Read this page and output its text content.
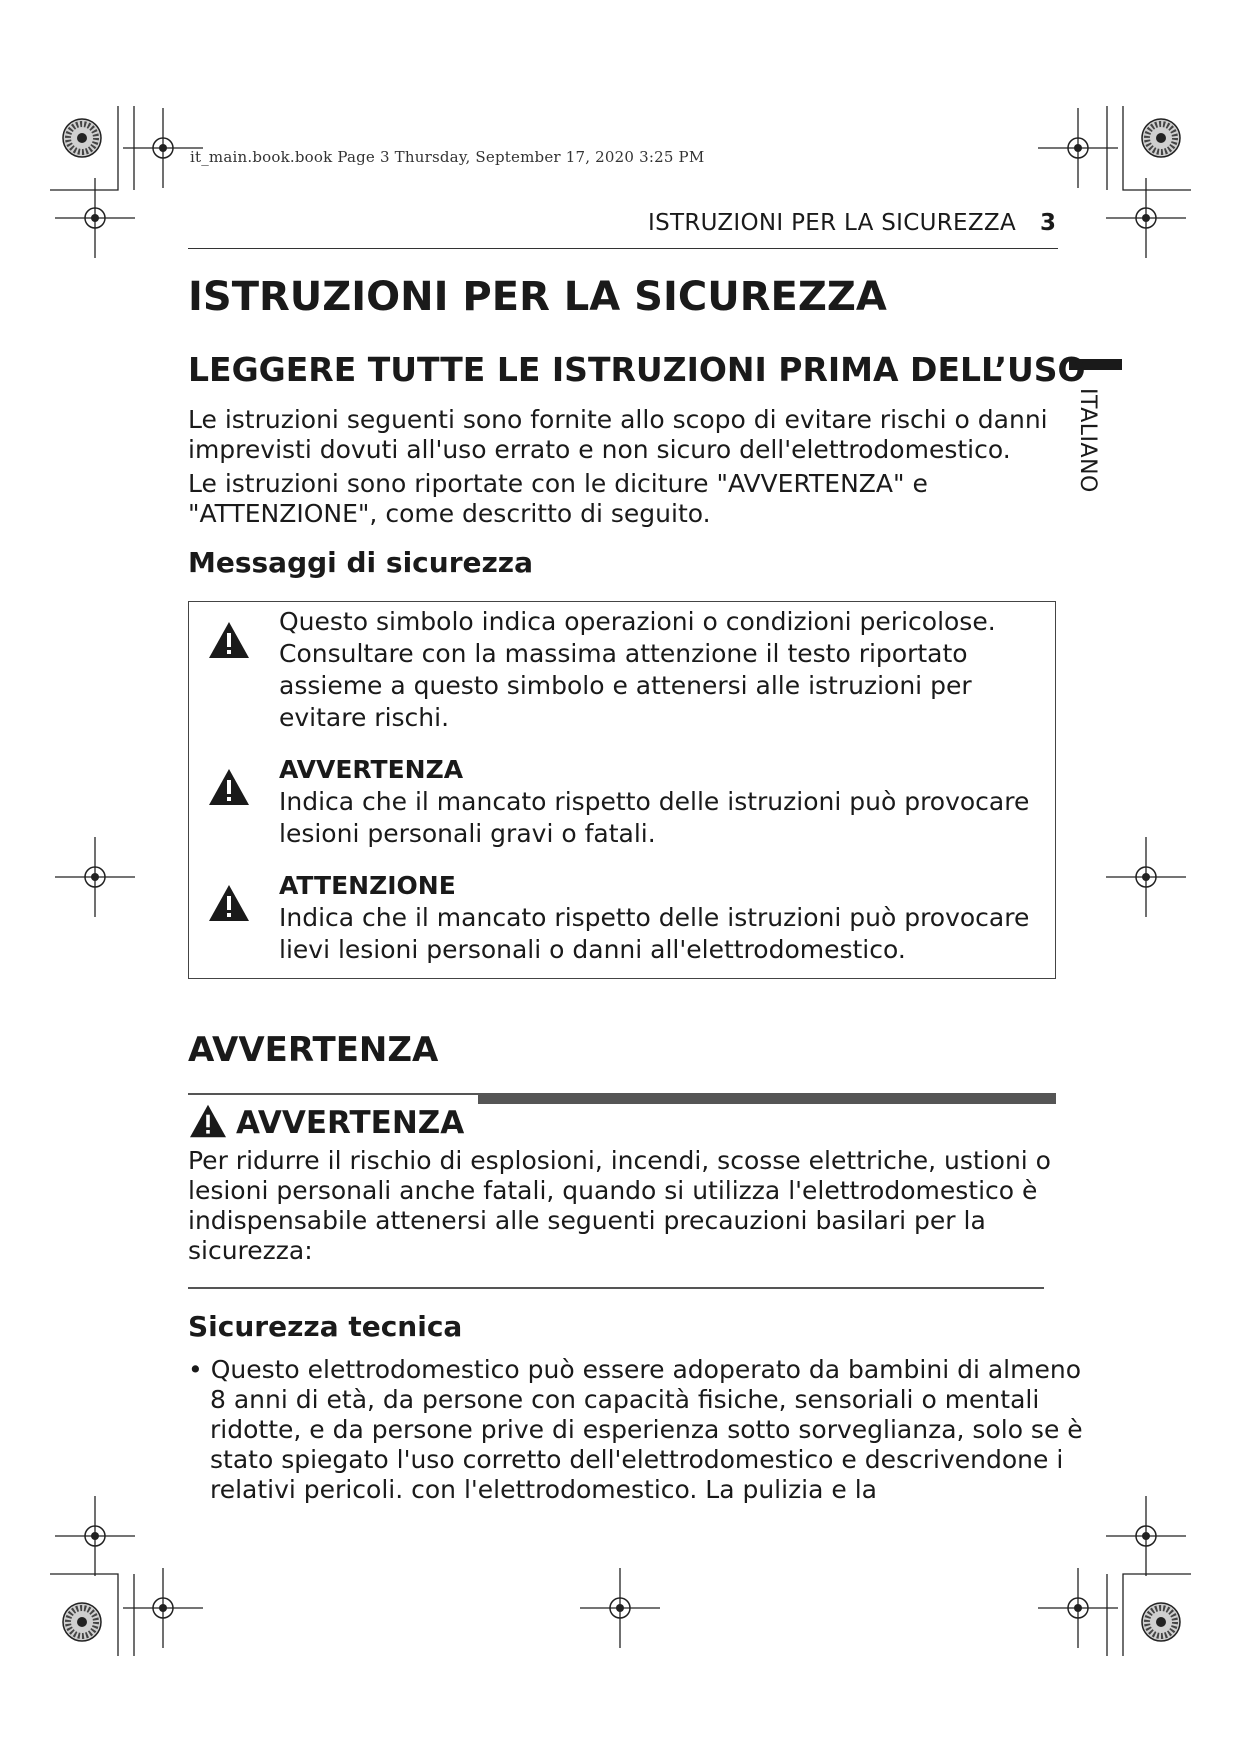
it_main.book.book Page 3 Thursday, September 17, 2020 3:25 PM
ISTRUZIONI PER LA SICUREZZA 3
ITALIANO
ISTRUZIONI PER LA SICUREZZA
LEGGERE TUTTE LE ISTRUZIONI PRIMA DELL’USO

Le istruzioni seguenti sono fornite allo scopo di evitare rischi o danni imprevisti dovuti all'uso errato e non sicuro dell'elettrodomestico.

Le istruzioni sono riportate con le diciture "AVVERTENZA" e "ATTENZIONE", come descritto di seguito.

Messaggi di sicurezza
Questo simbolo indica operazioni o condizioni pericolose. Consultare con la massima attenzione il testo riportato assieme a questo simbolo e attenersi alle istruzioni per evitare rischi.
AVVERTENZA
Indica che il mancato rispetto delle istruzioni può provocare lesioni personali gravi o fatali.
ATTENZIONE
Indica che il mancato rispetto delle istruzioni può provocare lievi lesioni personali o danni all'elettrodomestico.
AVVERTENZA
AVVERTENZA
Per ridurre il rischio di esplosioni, incendi, scosse elettriche, ustioni o lesioni personali anche fatali, quando si utilizza l'elettrodomestico è indispensabile attenersi alle seguenti precauzioni basilari per la sicurezza:
Sicurezza tecnica
• Questo elettrodomestico può essere adoperato da bambini di almeno 8 anni di età, da persone con capacità fisiche, sensoriali o mentali ridotte, e da persone prive di esperienza sotto sorveglianza, solo se è stato spiegato l'uso corretto dell'elettrodomestico e descrivendone i relativi pericoli. con l'elettrodomestico. La pulizia e la
